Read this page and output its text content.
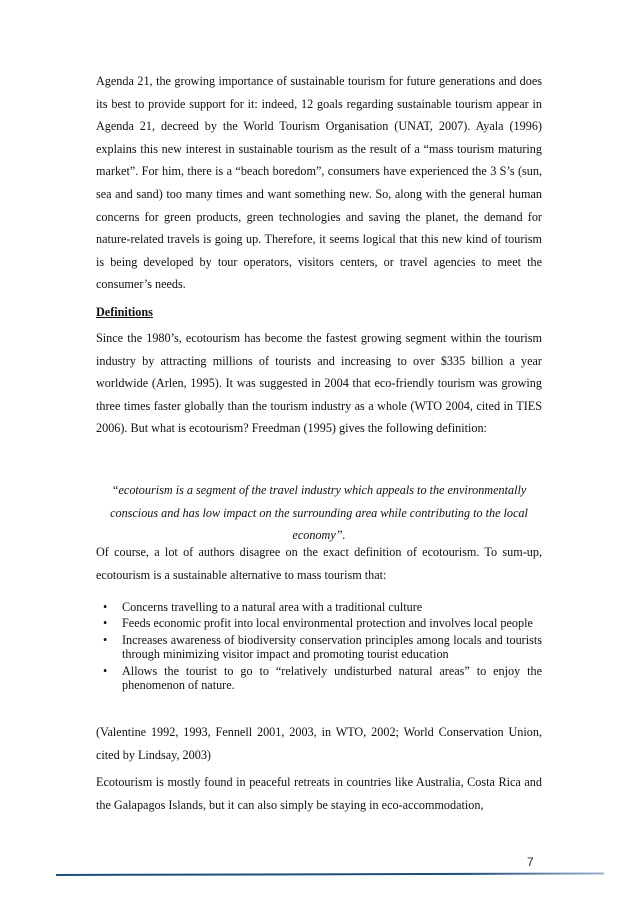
Agenda 21, the growing importance of sustainable tourism for future generations and does its best to provide support for it: indeed, 12 goals regarding sustainable tourism appear in Agenda 21, decreed by the World Tourism Organisation (UNAT, 2007). Ayala (1996) explains this new interest in sustainable tourism as the result of a “mass tourism maturing market”. For him, there is a “beach boredom”, consumers have experienced the 3 S’s (sun, sea and sand) too many times and want something new. So, along with the general human concerns for green products, green technologies and saving the planet, the demand for nature-related travels is going up. Therefore, it seems logical that this new kind of tourism is being developed by tour operators, visitors centers, or travel agencies to meet the consumer’s needs.

Definitions

Since the 1980’s, ecotourism has become the fastest growing segment within the tourism industry by attracting millions of tourists and increasing to over $335 billion a year worldwide (Arlen, 1995). It was suggested in 2004 that eco-friendly tourism was growing three times faster globally than the tourism industry as a whole (WTO 2004, cited in TIES 2006). But what is ecotourism? Freedman (1995) gives the following definition:

“ecotourism is a segment of the travel industry which appeals to the environmentally conscious and has low impact on the surrounding area while contributing to the local economy”.

Of course, a lot of authors disagree on the exact definition of ecotourism. To sum-up, ecotourism is a sustainable alternative to mass tourism that:

• Concerns travelling to a natural area with a traditional culture
• Feeds economic profit into local environmental protection and involves local people
• Increases awareness of biodiversity conservation principles among locals and tourists through minimizing visitor impact and promoting tourist education
• Allows the tourist to go to “relatively undisturbed natural areas” to enjoy the phenomenon of nature.

(Valentine 1992, 1993, Fennell 2001, 2003, in WTO, 2002; World Conservation Union, cited by Lindsay, 2003)

Ecotourism is mostly found in peaceful retreats in countries like Australia, Costa Rica and the Galapagos Islands, but it can also simply be staying in eco-accommodation,

7
